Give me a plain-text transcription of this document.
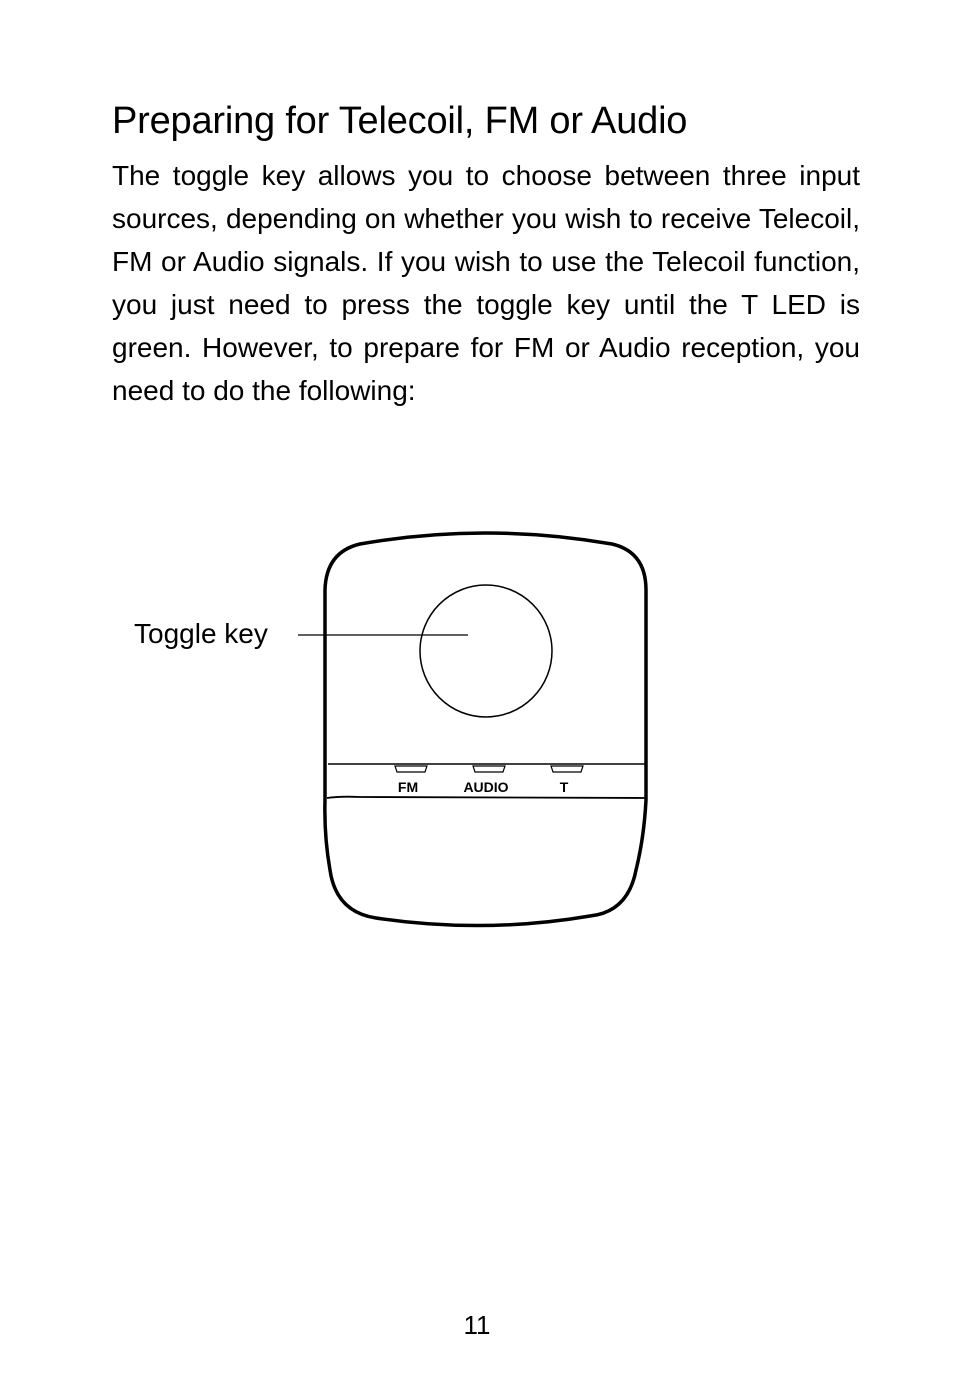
Preparing for Telecoil, FM or Audio

The toggle key allows you to choose between three input sources, depending on whether you wish to receive Telecoil, FM or Audio signals. If you wish to use the Telecoil function, you just need to press the toggle key until the T LED is green. However, to prepare for FM or Audio reception, you need to do the following:

FM	AUDIO	T
Toggle key
11
